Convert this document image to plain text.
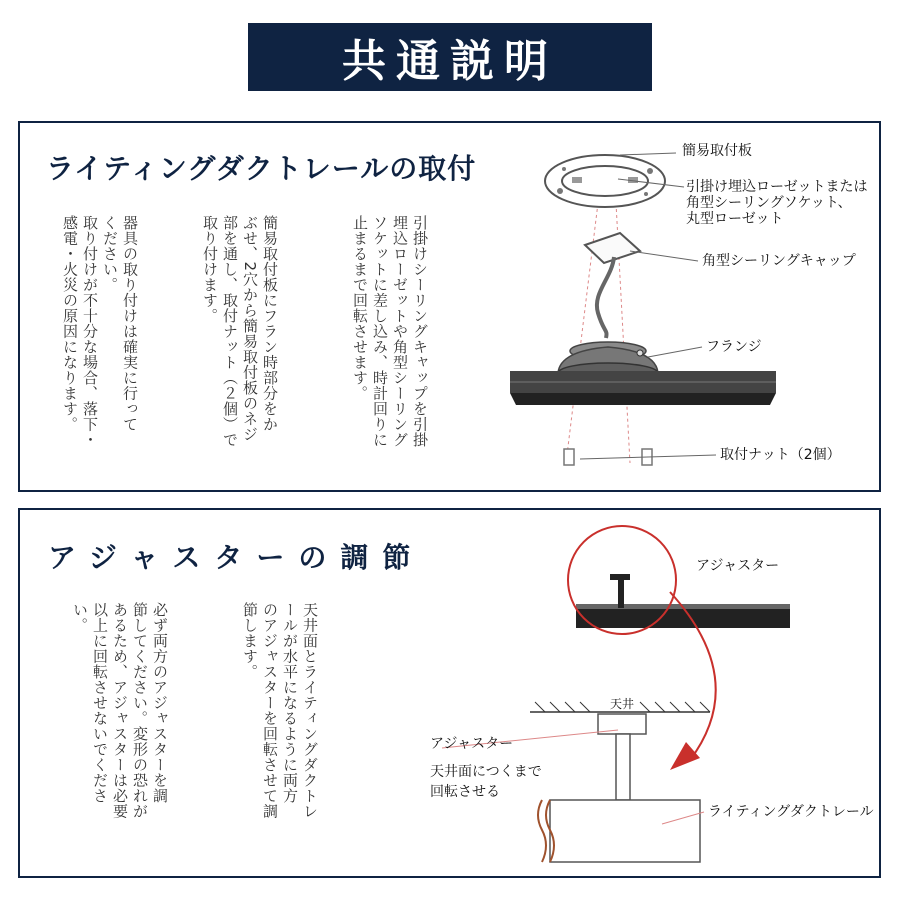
共通説明
ライティングダクトレールの取付
引掛けシーリングキャップを引掛
埋込ローゼットや角型シーリング
ソケットに差し込み、時計回りに
止まるまで回転させます。
簡易取付板にフラン時部分をか
ぶせ、2穴から簡易取付板のネジ
部を通し、取付ナット（２個）で
取り付けます。
器具の取り付けは確実に行って
ください。
取り付けが不十分な場合、落下・
感電・火災の原因になります。
簡易取付板
引掛け埋込ローゼットまたは
角型シーリングソケット、
丸型ローゼット
角型シーリングキャップ
フランジ
取付ナット（2個）
アジャスターの調節
天井面とライティングダクトレ
ールが水平になるように両方
のアジャスターを回転させて調
節します。
必ず両方のアジャスターを調
節してください。変形の恐れが
あるため、アジャスターは必要
以上に回転させないでくださ
い。
アジャスター
天井
アジャスター
天井面につくまで
回転させる
ライティングダクトレール
